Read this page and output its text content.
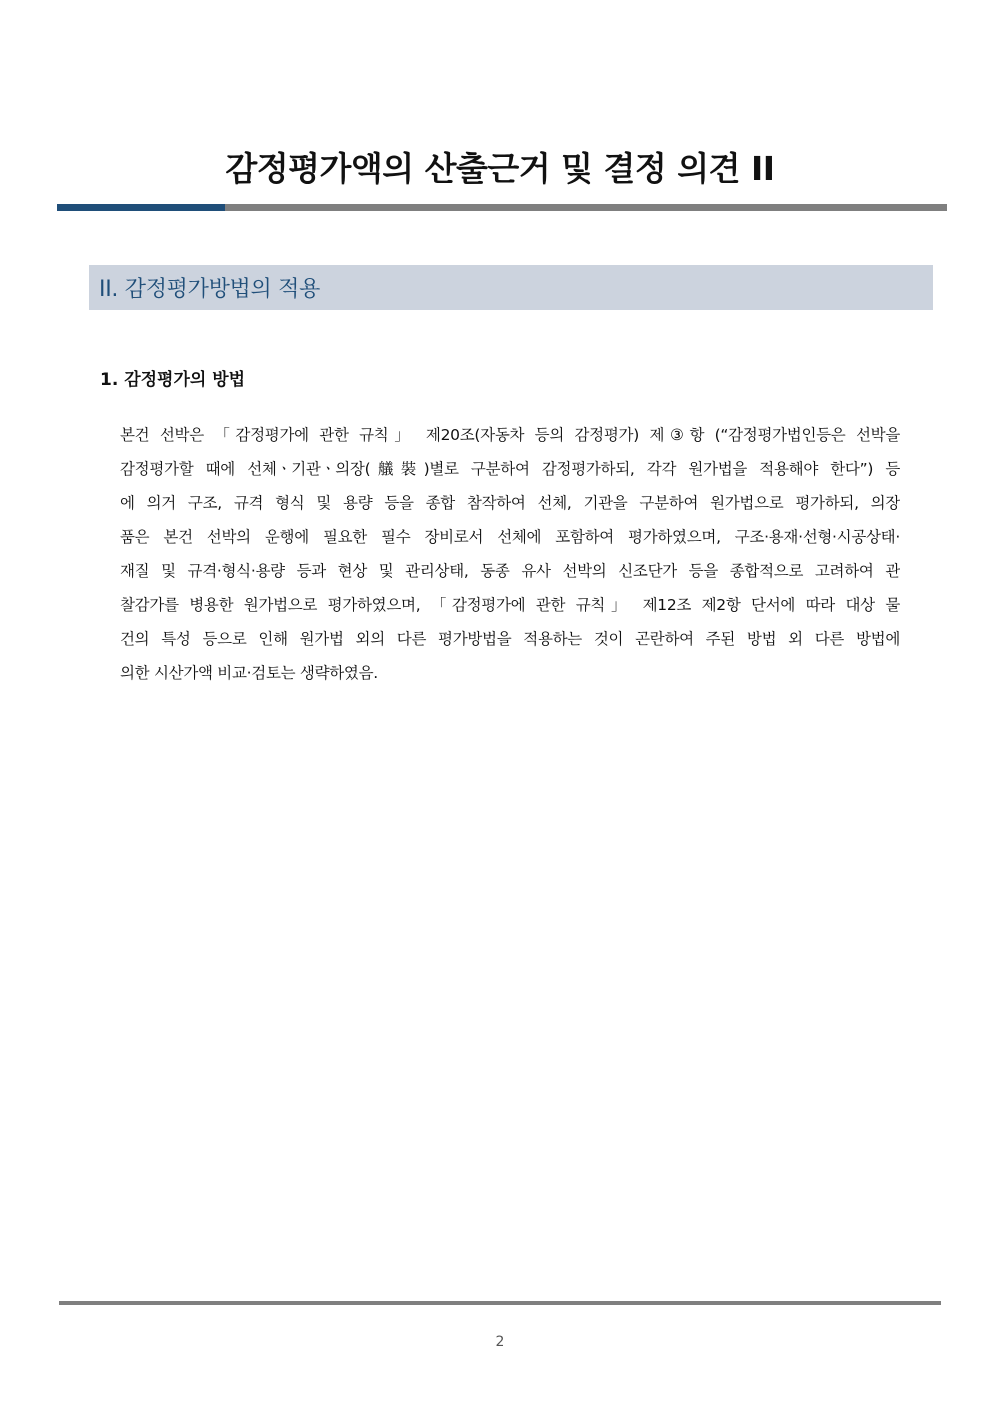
감정평가액의 산출근거 및 결정 의견 II
II. 감정평가방법의 적용
1. 감정평가의 방법
본건 선박은 「감정평가에 관한 규칙」 제20조(자동차 등의 감정평가) 제③항 (“감정평가법인등은 선박을
감정평가할 때에 선체ㆍ기관ㆍ의장(艤裝)별로 구분하여 감정평가하되, 각각 원가법을 적용해야 한다”) 등
에 의거 구조, 규격 형식 및 용량 등을 종합 참작하여 선체, 기관을 구분하여 원가법으로 평가하되, 의장
품은 본건 선박의 운행에 필요한 필수 장비로서 선체에 포함하여 평가하였으며, 구조·용재·선형·시공상태·
재질 및 규격·형식·용량 등과 현상 및 관리상태, 동종 유사 선박의 신조단가 등을 종합적으로 고려하여 관
찰감가를 병용한 원가법으로 평가하였으며, 「감정평가에 관한 규칙」 제12조 제2항 단서에 따라 대상 물
건의 특성 등으로 인해 원가법 외의 다른 평가방법을 적용하는 것이 곤란하여 주된 방법 외 다른 방법에
의한 시산가액 비교·검토는 생략하였음.
2
